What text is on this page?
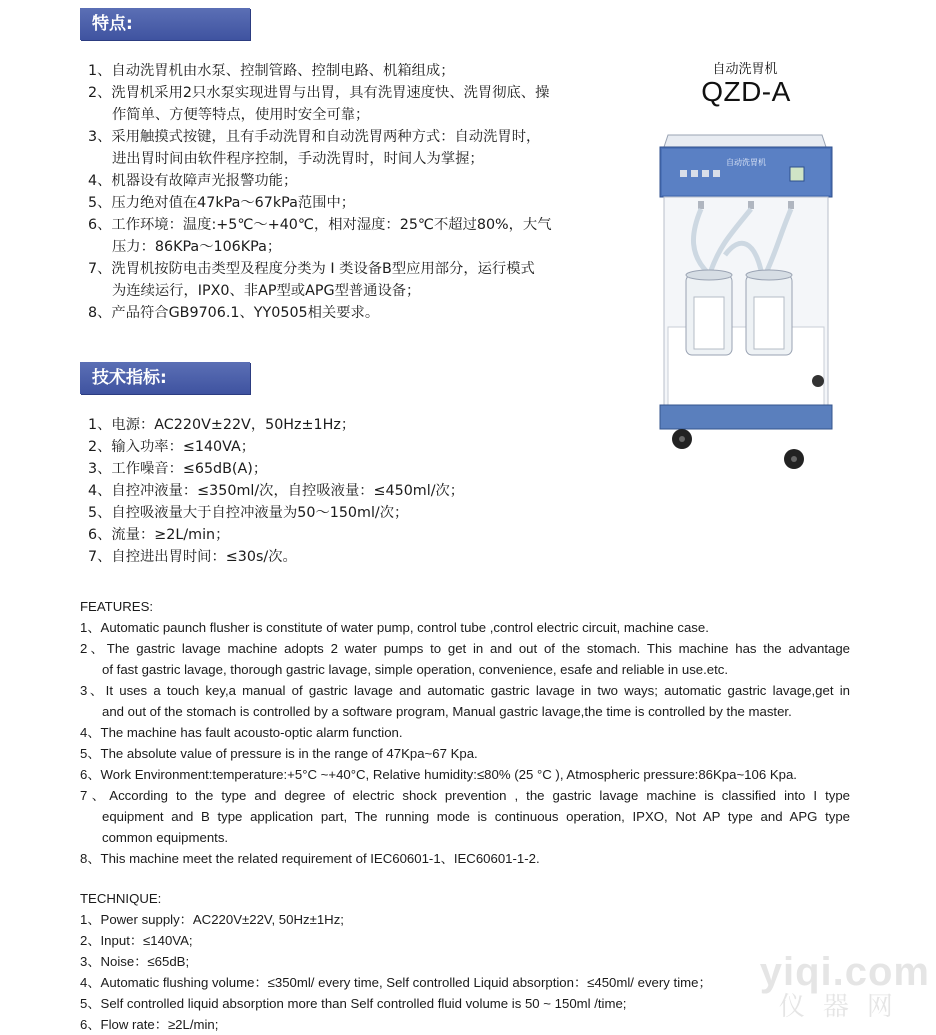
特点:
1、自动洗胃机由水泵、控制管路、控制电路、机箱组成；
2、洗胃机采用2只水泵实现进胃与出胃，具有洗胃速度快、洗胃彻底、操
作简单、方便等特点，使用时安全可靠；
3、采用触摸式按键，且有手动洗胃和自动洗胃两种方式：自动洗胃时，
进出胃时间由软件程序控制，手动洗胃时，时间人为掌握；
4、机器设有故障声光报警功能；
5、压力绝对值在47kPa～67kPa范围中；
6、工作环境：温度:+5℃～+40℃，相对湿度：25℃不超过80%，大气
压力：86KPa～106KPa；
7、洗胃机按防电击类型及程度分类为 I 类设备B型应用部分，运行模式
为连续运行，IPX0、非AP型或APG型普通设备；
8、产品符合GB9706.1、YY0505相关要求。
技术指标:
1、电源：AC220V±22V，50Hz±1Hz；
2、输入功率：≤140VA；
3、工作噪音：≤65dB(A)；
4、自控冲液量：≤350ml/次，自控吸液量：≤450ml/次；
5、自控吸液量大于自控冲液量为50～150ml/次；
6、流量：≥2L/min；
7、自控进出胃时间：≤30s/次。
自动洗胃机
QZD-A
自动洗胃机

FEATURES:

1、Automatic paunch flusher is constitute of water pump, control tube ,control electric circuit, machine case.

2、The gastric lavage machine adopts 2 water pumps to get in and out of the stomach. This machine has the advantage

of fast gastric lavage, thorough gastric lavage, simple operation, convenience, esafe and reliable in use.etc.

3、It uses a touch key,a manual of gastric lavage and automatic gastric lavage in two ways; automatic gastric lavage,get in

and out of the stomach is controlled by a software program, Manual gastric lavage,the time is controlled by the master.

4、The machine has fault acousto-optic alarm function.

5、The absolute value of pressure is in the range of 47Kpa~67 Kpa.

6、Work Environment:temperature:+5°C ~+40°C, Relative humidity:≤80% (25 °C ), Atmospheric pressure:86Kpa~106 Kpa.

7、According to the type and degree of electric shock prevention , the gastric lavage machine is classified into I type

equipment and B type application part, The running mode is continuous operation, IPXO, Not AP type and APG type

common equipments.

8、This machine meet the related requirement of IEC60601-1、IEC60601-1-2.

TECHNIQUE:

1、Power supply：AC220V±22V, 50Hz±1Hz;

2、Input：≤140VA;

3、Noise：≤65dB;

4、Automatic flushing volume：≤350ml/ every time, Self controlled Liquid absorption：≤450ml/ every time；

5、Self controlled liquid absorption more than Self controlled fluid volume is 50 ~ 150ml /time;

6、Flow rate：≥2L/min;

yiqi.com
仪器网
